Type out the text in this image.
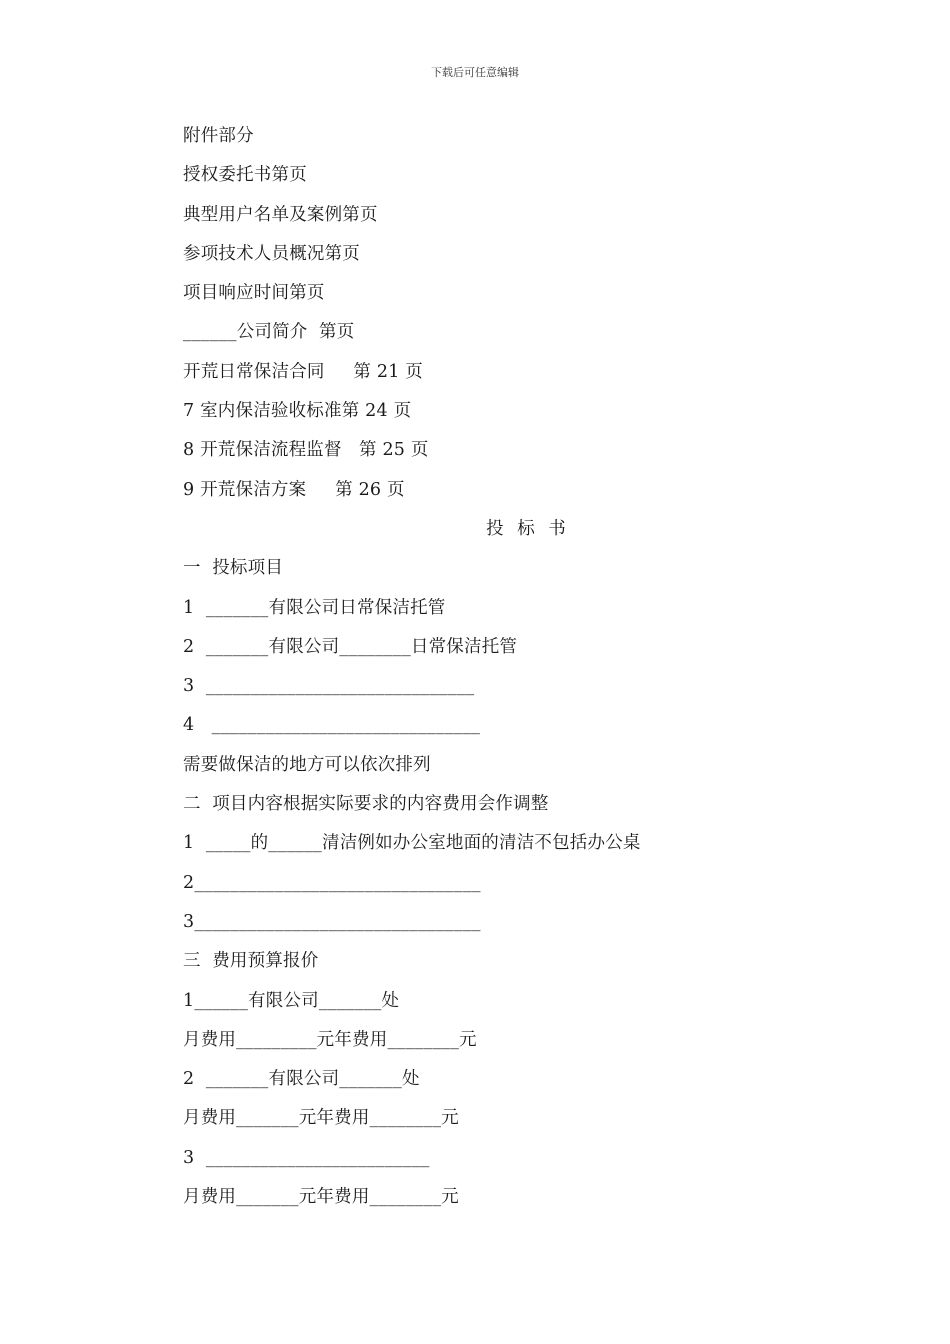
下载后可任意编辑
附件部分
授权委托书第页
典型用户名单及案例第页
参项技术人员概况第页
项目响应时间第页
______公司简介  第页
开荒日常保洁合同     第 21 页
7 室内保洁验收标准第 24 页
8 开荒保洁流程监督   第 25 页
9 开荒保洁方案     第 26 页
投 标 书
一  投标项目
1  _______有限公司日常保洁托管
2  _______有限公司________日常保洁托管
3  ______________________________
4   ______________________________
需要做保洁的地方可以依次排列
二  项目内容根据实际要求的内容费用会作调整
1  _____的______清洁例如办公室地面的清洁不包括办公桌
2________________________________
3________________________________
三  费用预算报价
1______有限公司_______处
月费用_________元年费用________元
2  _______有限公司_______处
月费用_______元年费用________元
3  _________________________
月费用_______元年费用________元
